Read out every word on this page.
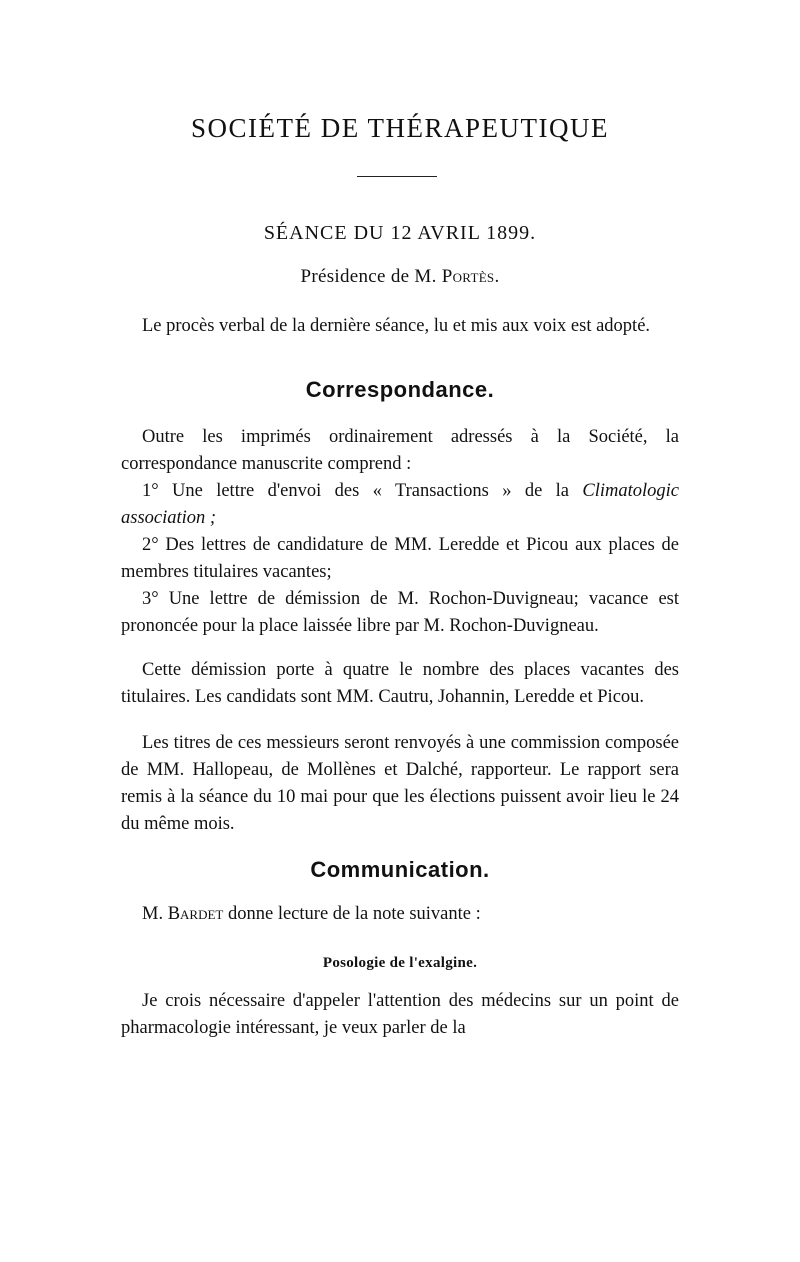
SOCIÉTÉ DE THÉRAPEUTIQUE
SÉANCE DU 12 AVRIL 1899.

Présidence de M. Portès.

Le procès verbal de la dernière séance, lu et mis aux voix est adopté.

Correspondance.

Outre les imprimés ordinairement adressés à la Société, la correspondance manuscrite comprend :

1° Une lettre d'envoi des « Transactions » de la Climatologic association ;

2° Des lettres de candidature de MM. Leredde et Picou aux places de membres titulaires vacantes;

3° Une lettre de démission de M. Rochon-Duvigneau; vacance est prononcée pour la place laissée libre par M. Rochon-Duvigneau.

Cette démission porte à quatre le nombre des places vacantes des titulaires. Les candidats sont MM. Cautru, Johannin, Leredde et Picou.

Les titres de ces messieurs seront renvoyés à une commission composée de MM. Hallopeau, de Mollènes et Dalché, rapporteur. Le rapport sera remis à la séance du 10 mai pour que les élections puissent avoir lieu le 24 du même mois.

Communication.

M. Bardet donne lecture de la note suivante :

Posologie de l'exalgine.

Je crois nécessaire d'appeler l'attention des médecins sur un point de pharmacologie intéressant, je veux parler de la
